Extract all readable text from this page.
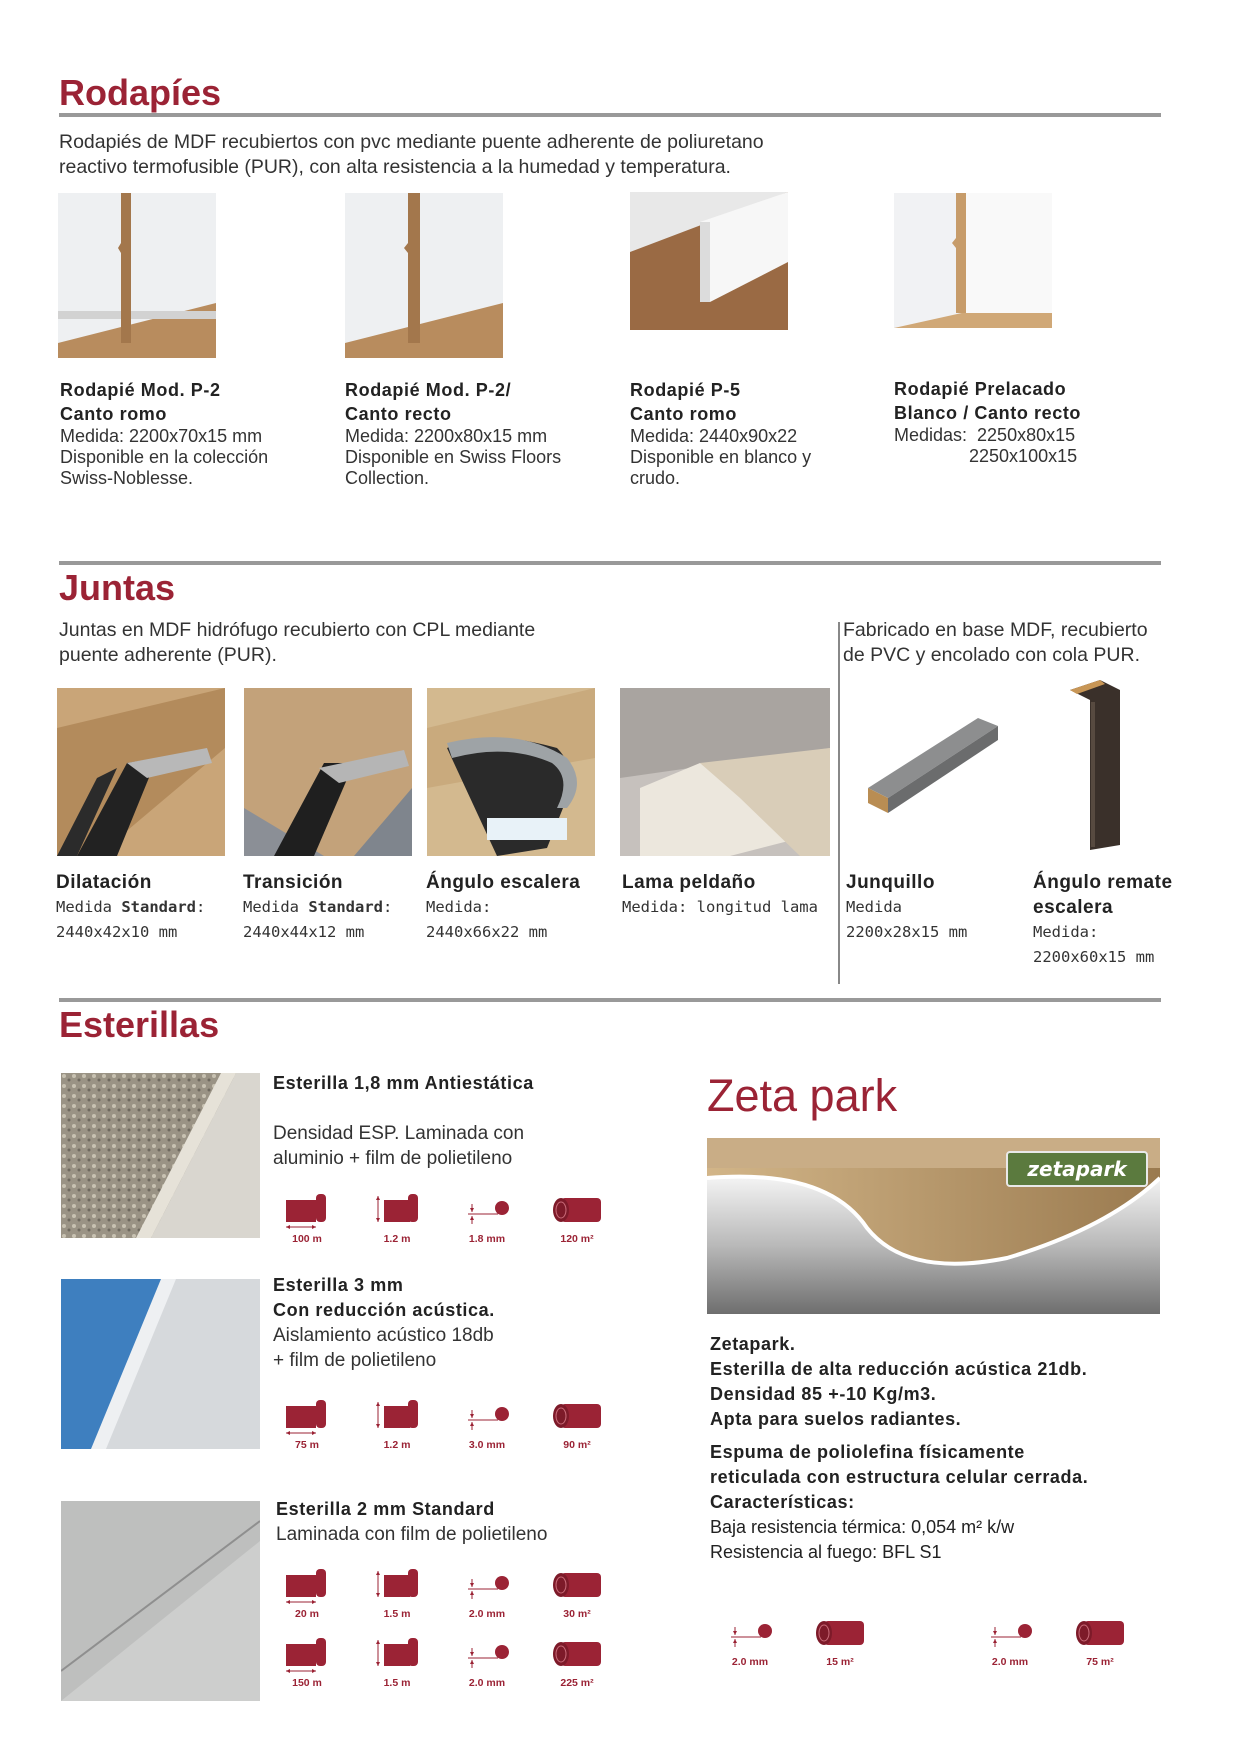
Rodapíes
Rodapiés de MDF recubiertos con pvc mediante puente adherente de poliuretano
reactivo termofusible (PUR), con alta resistencia a la humedad y temperatura.
Rodapié Mod. P-2
Canto romo
Medida: 2200x70x15 mm
Disponible en la colección
Swiss-Noblesse.
Rodapié Mod. P-2/
Canto recto
Medida: 2200x80x15 mm
Disponible en Swiss Floors
Collection.
Rodapié P-5
Canto romo
Medida: 2440x90x22
Disponible en blanco y
crudo.
Rodapié Prelacado
Blanco / Canto recto
Medidas:  2250x80x15
2250x100x15
Juntas
Juntas en MDF hidrófugo recubierto con CPL mediante
puente adherente (PUR).
Fabricado en base MDF, recubierto
de PVC y encolado con cola PUR.
Dilatación
Medida Standard:
2440x42x10 mm
Transición
Medida Standard:
2440x44x12 mm
Ángulo escalera
Medida:
2440x66x22 mm
Lama peldaño
Medida: longitud lama
Junquillo
Medida
2200x28x15 mm
Ángulo remate
escalera
Medida:
2200x60x15 mm
Esterillas
Esterilla 1,8 mm Antiestática
Densidad ESP. Laminada con
aluminio + film de polietileno
Esterilla 3 mm
Con reducción acústica.
Aislamiento acústico 18db
+ film de polietileno
Esterilla 2 mm Standard
Laminada con film de polietileno
100 m	1.2 m	1.8 mm	120 m²
75 m	1.2 m	3.0 mm	90 m²
20 m	1.5 m	2.0 mm	30 m²
150 m	1.5 m	2.0 mm	225 m²
Zeta park
zetapark
Zetapark.
Esterilla de alta reducción acústica 21db.
Densidad 85 +-10 Kg/m3.
Apta para suelos radiantes.
Espuma de poliolefina físicamente
reticulada con estructura celular cerrada.
Características:
Baja resistencia térmica: 0,054 m² k/w
Resistencia al fuego: BFL S1
2.0 mm	15 m²	2.0 mm	75 m²
